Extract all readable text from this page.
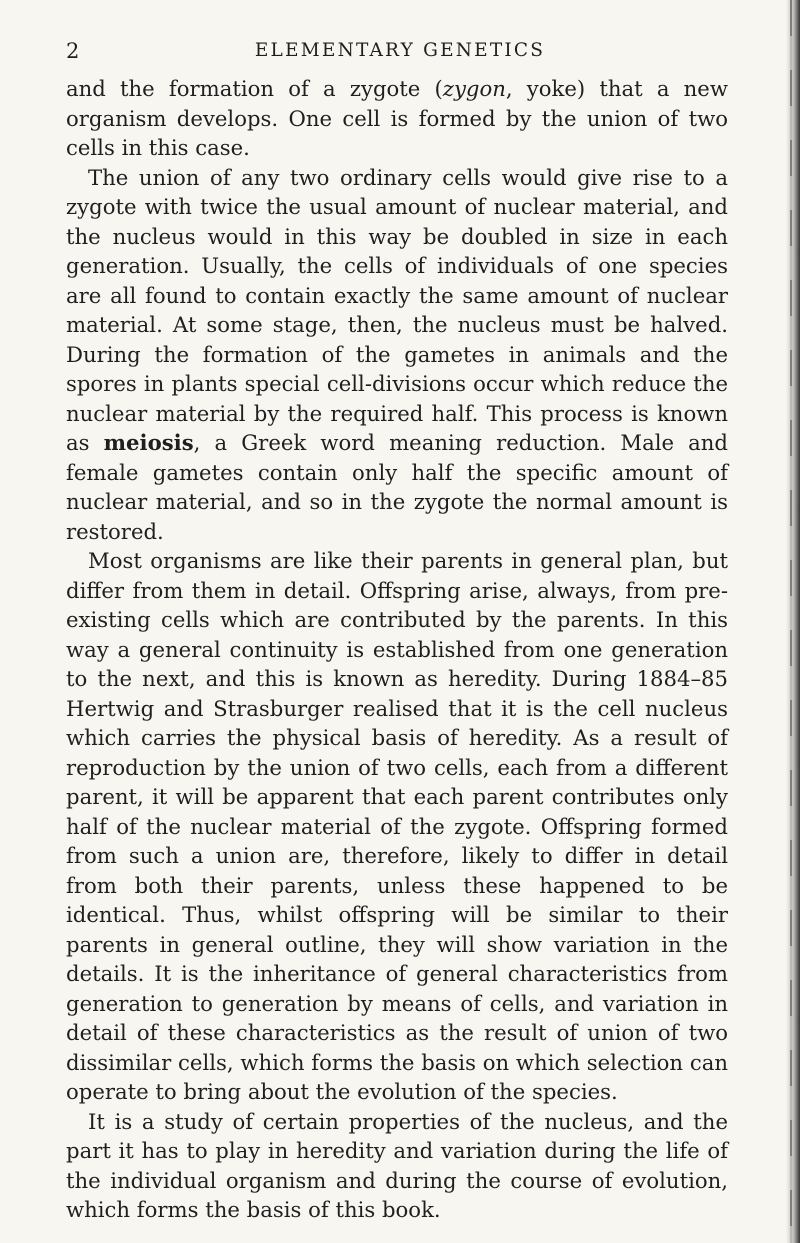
2	ELEMENTARY GENETICS

and the formation of a zygote (zygon, yoke) that a new organism develops. One cell is formed by the union of two cells in this case.

The union of any two ordinary cells would give rise to a zygote with twice the usual amount of nuclear material, and the nucleus would in this way be doubled in size in each generation. Usually, the cells of individuals of one species are all found to contain exactly the same amount of nuclear material. At some stage, then, the nucleus must be halved. During the formation of the gametes in animals and the spores in plants special cell-divisions occur which reduce the nuclear material by the required half. This process is known as meiosis, a Greek word meaning reduction. Male and female gametes contain only half the specific amount of nuclear material, and so in the zygote the normal amount is restored.

Most organisms are like their parents in general plan, but differ from them in detail. Offspring arise, always, from pre-existing cells which are contributed by the parents. In this way a general continuity is established from one generation to the next, and this is known as heredity. During 1884–85 Hertwig and Strasburger realised that it is the cell nucleus which carries the physical basis of heredity. As a result of reproduction by the union of two cells, each from a different parent, it will be apparent that each parent contributes only half of the nuclear material of the zygote. Offspring formed from such a union are, therefore, likely to differ in detail from both their parents, unless these happened to be identical. Thus, whilst offspring will be similar to their parents in general outline, they will show variation in the details. It is the inheritance of general characteristics from generation to generation by means of cells, and variation in detail of these characteristics as the result of union of two dissimilar cells, which forms the basis on which selection can operate to bring about the evolution of the species.

It is a study of certain properties of the nucleus, and the part it has to play in heredity and variation during the life of the individual organism and during the course of evolution, which forms the basis of this book.
